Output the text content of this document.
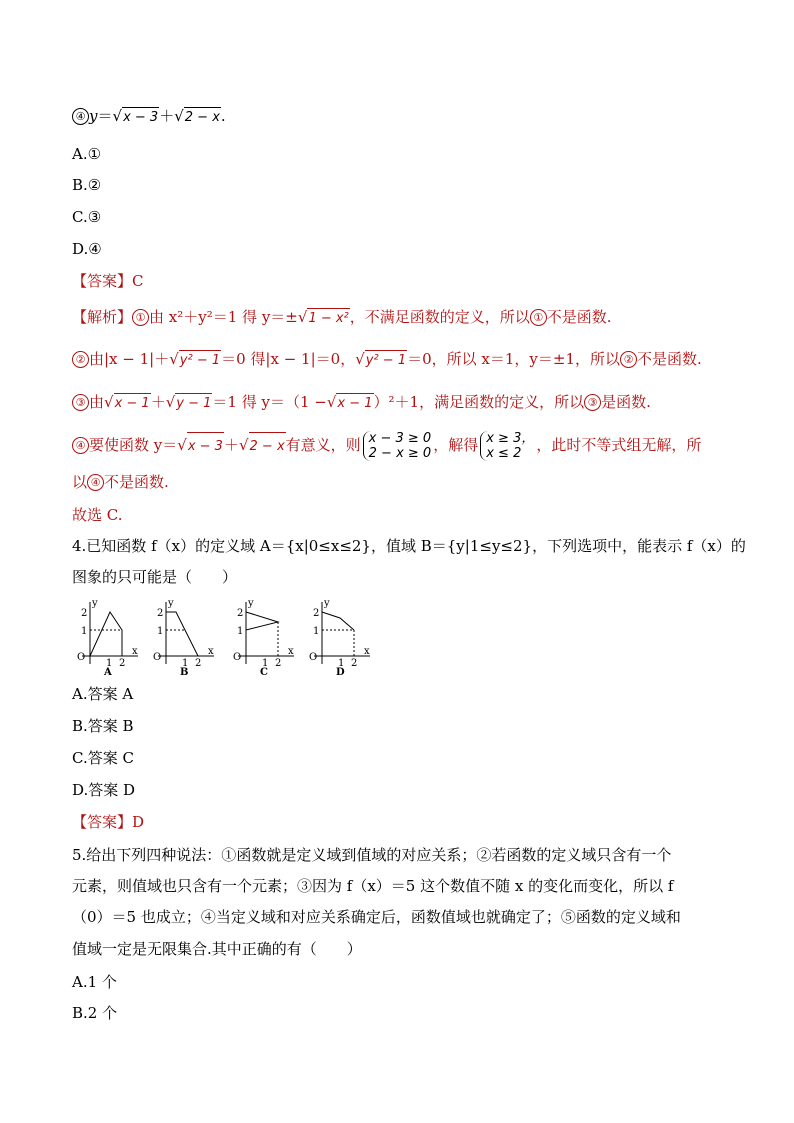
④ y＝√x − 3＋√2 − x.
A.①
B.②
C.③
D.④
【答案】C
【解析】 ① 由 x²＋y²＝1 得 y＝±√1 − x²，不满足函数的定义，所以 ① 不是函数.
② 由|x − 1|＋√y² − 1＝0 得|x − 1|＝0，√y² − 1＝0，所以 x＝1，y＝±1，所以 ② 不是函数.
③ 由√x − 1＋√y − 1＝1 得 y＝（1 −√x − 1）²＋1，满足函数的定义，所以 ③ 是函数.
④ 要使函数 y＝√x − 3＋√2 − x有意义，则 x − 3 ≥ 0
2 − x ≥ 0 ，解得 x ≥ 3，
x ≤ 2	，此时不等式组无解，所
以 ④ 不是函数.
故选 C.
4.已知函数 f（x）的定义域 A＝{x|0≤x≤2}，值域 B＝{y|1≤y≤2}，下列选项中，能表示 f（x）的
图象的只可能是（　　）
y
x
O
2
1
1 2
A
y
x
O
2
1
1 2
B
y
x
O
2
1
1 2
C
y
x
O
2
1
1 2
D
A.答案 A
B.答案 B
C.答案 C
D.答案 D
【答案】D
5.给出下列四种说法：①函数就是定义域到值域的对应关系；②若函数的定义域只含有一个
元素，则值域也只含有一个元素；③因为 f（x）＝5 这个数值不随 x 的变化而变化，所以 f
（0）＝5 也成立；④当定义域和对应关系确定后，函数值域也就确定了；⑤函数的定义域和
值域一定是无限集合.其中正确的有（　　）
A.1 个
B.2 个
